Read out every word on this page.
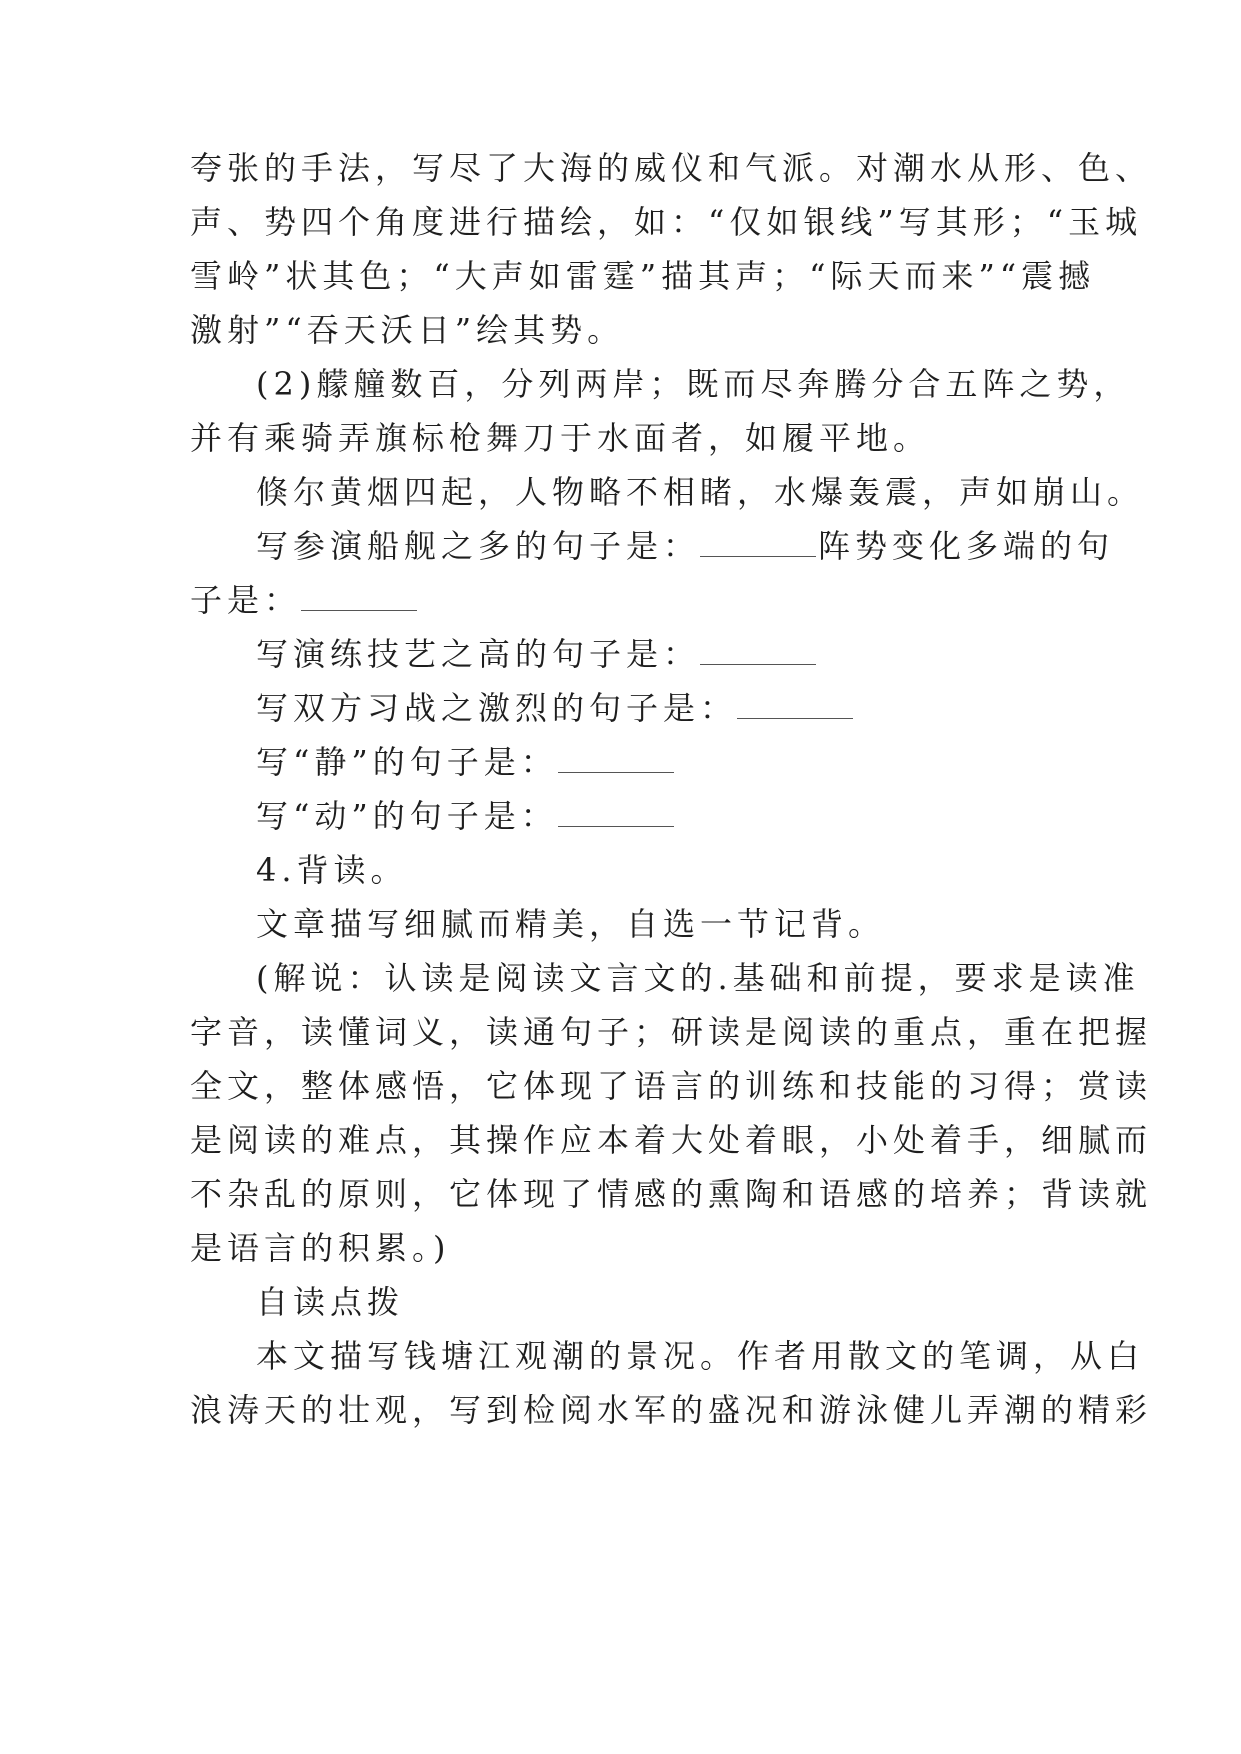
夸张的手法，写尽了大海的威仪和气派。对潮水从形、色、
声、势四个角度进行描绘，如：“仅如银线”写其形；“玉城
雪岭”状其色；“大声如雷霆”描其声；“际天而来”“震撼
激射”“吞天沃日”绘其势。
(2)艨艟数百，分列两岸；既而尽奔腾分合五阵之势，
并有乘骑弄旗标枪舞刀于水面者，如履平地。
倏尔黄烟四起，人物略不相睹，水爆轰震，声如崩山。
写参演船舰之多的句子是：	阵势变化多端的句
子是：
写演练技艺之高的句子是：
写双方习战之激烈的句子是：
写“静”的句子是：
写“动”的句子是：
4.背读。
文章描写细腻而精美，自选一节记背。
(解说：认读是阅读文言文的.基础和前提，要求是读准
字音，读懂词义，读通句子；研读是阅读的重点，重在把握
全文，整体感悟，它体现了语言的训练和技能的习得；赏读
是阅读的难点，其操作应本着大处着眼，小处着手，细腻而
不杂乱的原则，它体现了情感的熏陶和语感的培养；背读就
是语言的积累。)
自读点拨
本文描写钱塘江观潮的景况。作者用散文的笔调，从白
浪涛天的壮观，写到检阅水军的盛况和游泳健儿弄潮的精彩
